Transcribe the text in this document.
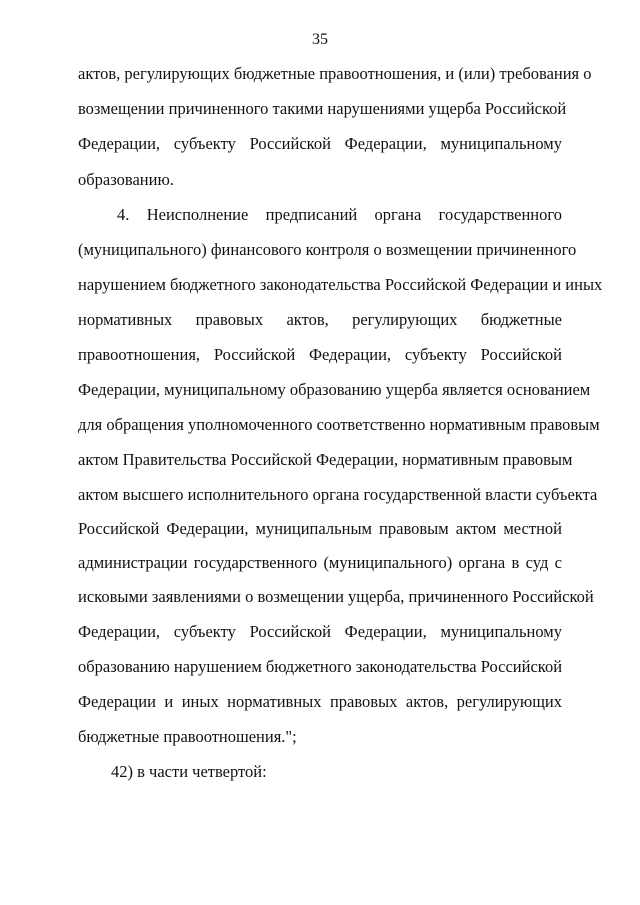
35
актов, регулирующих бюджетные правоотношения, и (или) требования о
возмещении причиненного такими нарушениями ущерба Российской
Федерации, субъекту Российской Федерации, муниципальному
образованию.
4. Неисполнение предписаний органа государственного
(муниципального) финансового контроля о возмещении причиненного
нарушением бюджетного законодательства Российской Федерации и иных
нормативных правовых актов, регулирующих бюджетные
правоотношения, Российской Федерации, субъекту Российской
Федерации, муниципальному образованию ущерба является основанием
для обращения уполномоченного соответственно нормативным правовым
актом Правительства Российской Федерации, нормативным правовым
актом высшего исполнительного органа государственной власти субъекта
Российской Федерации, муниципальным правовым актом местной
администрации государственного (муниципального) органа в суд с
исковыми заявлениями о возмещении ущерба, причиненного Российской
Федерации, субъекту Российской Федерации, муниципальному
образованию нарушением бюджетного законодательства Российской
Федерации и иных нормативных правовых актов, регулирующих
бюджетные правоотношения.";
42) в части четвертой:
